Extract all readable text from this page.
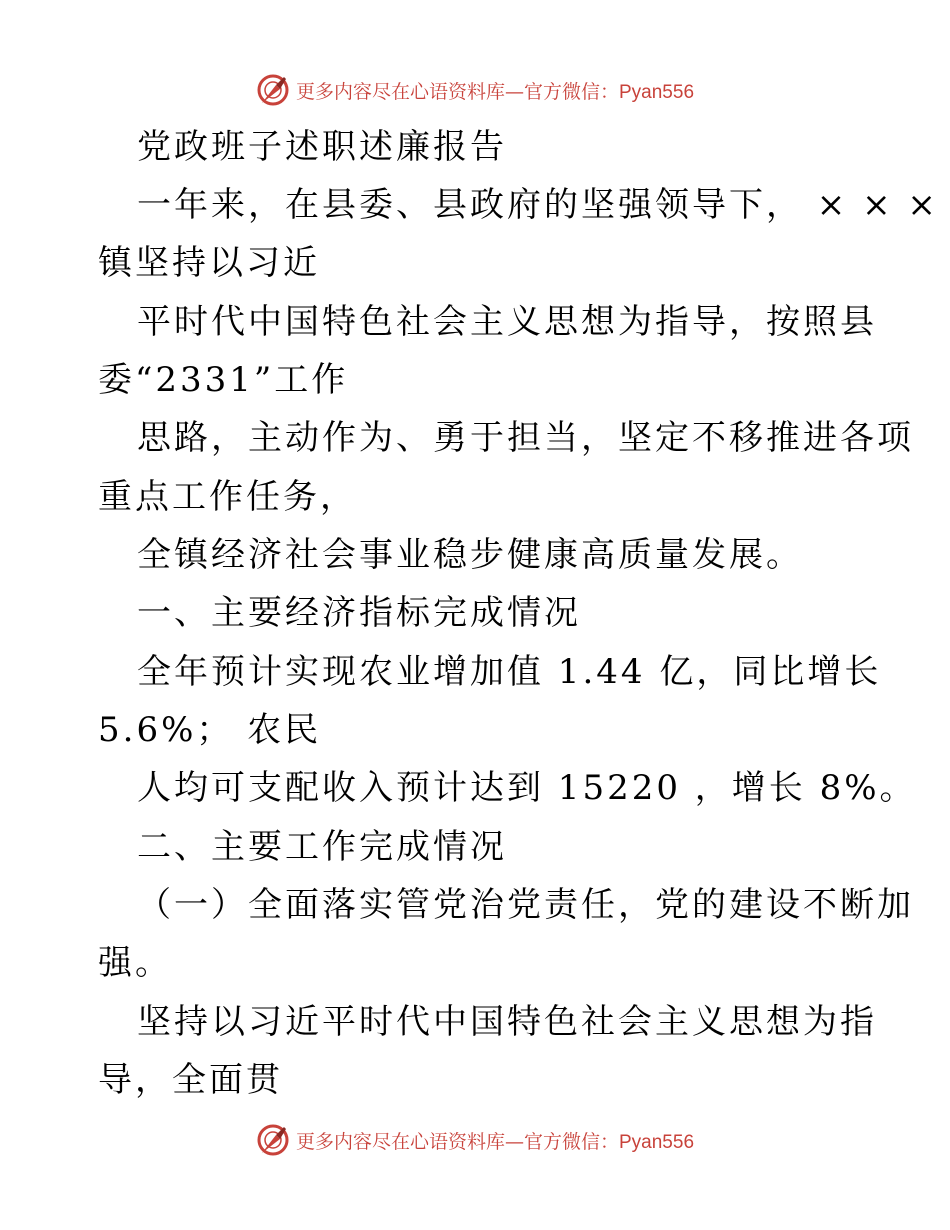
更多内容尽在心语资料库—官方微信：Pyan556
党政班子述职述廉报告
一年来，在县委、县政府的坚强领导下， × × ×
镇坚持以习近
平时代中国特色社会主义思想为指导，按照县
委“2331”工作
思路，主动作为、勇于担当，坚定不移推进各项
重点工作任务，
全镇经济社会事业稳步健康高质量发展。
一、主要经济指标完成情况
全年预计实现农业增加值 1.44 亿，同比增长
5.6%； 农民
人均可支配收入预计达到 15220 ，增长 8%。
二、主要工作完成情况
（一）全面落实管党治党责任，党的建设不断加
强。
坚持以习近平时代中国特色社会主义思想为指
导，全面贯
更多内容尽在心语资料库—官方微信：Pyan556
